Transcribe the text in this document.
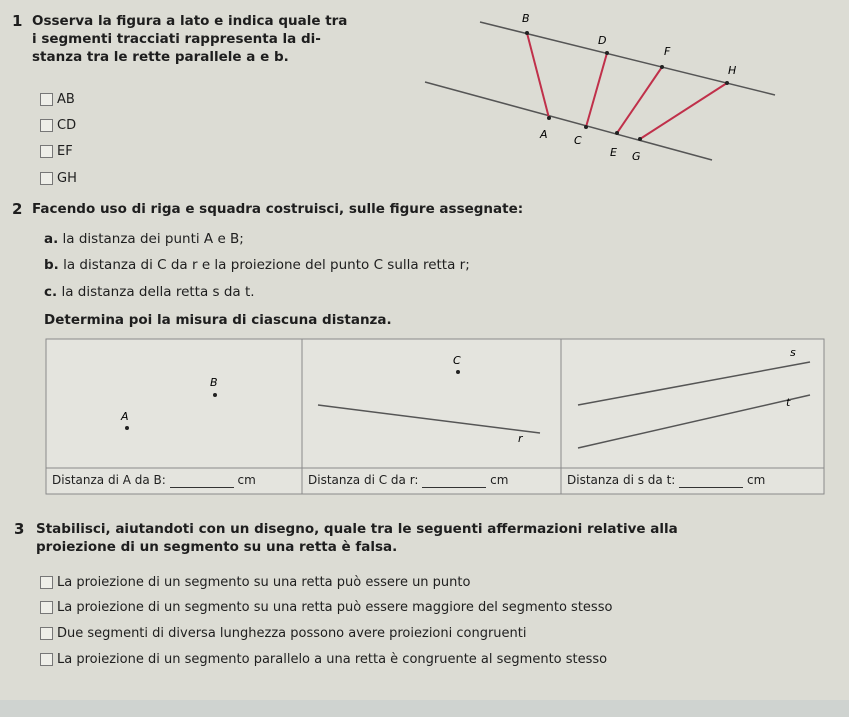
1 Osserva la figura a lato e indica quale tra
i segmenti tracciati rappresenta la di-
stanza tra le rette parallele a e b.
AB
CD
EF
GH
B
D
F
H
A C
E G
2 Facendo uso di riga e squadra costruisci, sulle figure assegnate:
a. la distanza dei punti A e B;
b. la distanza di C da r e la proiezione del punto C sulla retta r;
c. la distanza della retta s da t.
Determina poi la misura di ciascuna distanza.
B
A
C
r
s
t
Distanza di A da B:	cm	Distanza di C da r:	cm	Distanza di s da t:	cm
3 Stabilisci, aiutandoti con un disegno, quale tra le seguenti affermazioni relative alla
proiezione di un segmento su una retta è falsa.
La proiezione di un segmento su una retta può essere un punto
La proiezione di un segmento su una retta può essere maggiore del segmento stesso
Due segmenti di diversa lunghezza possono avere proiezioni congruenti
La proiezione di un segmento parallelo a una retta è congruente al segmento stesso
